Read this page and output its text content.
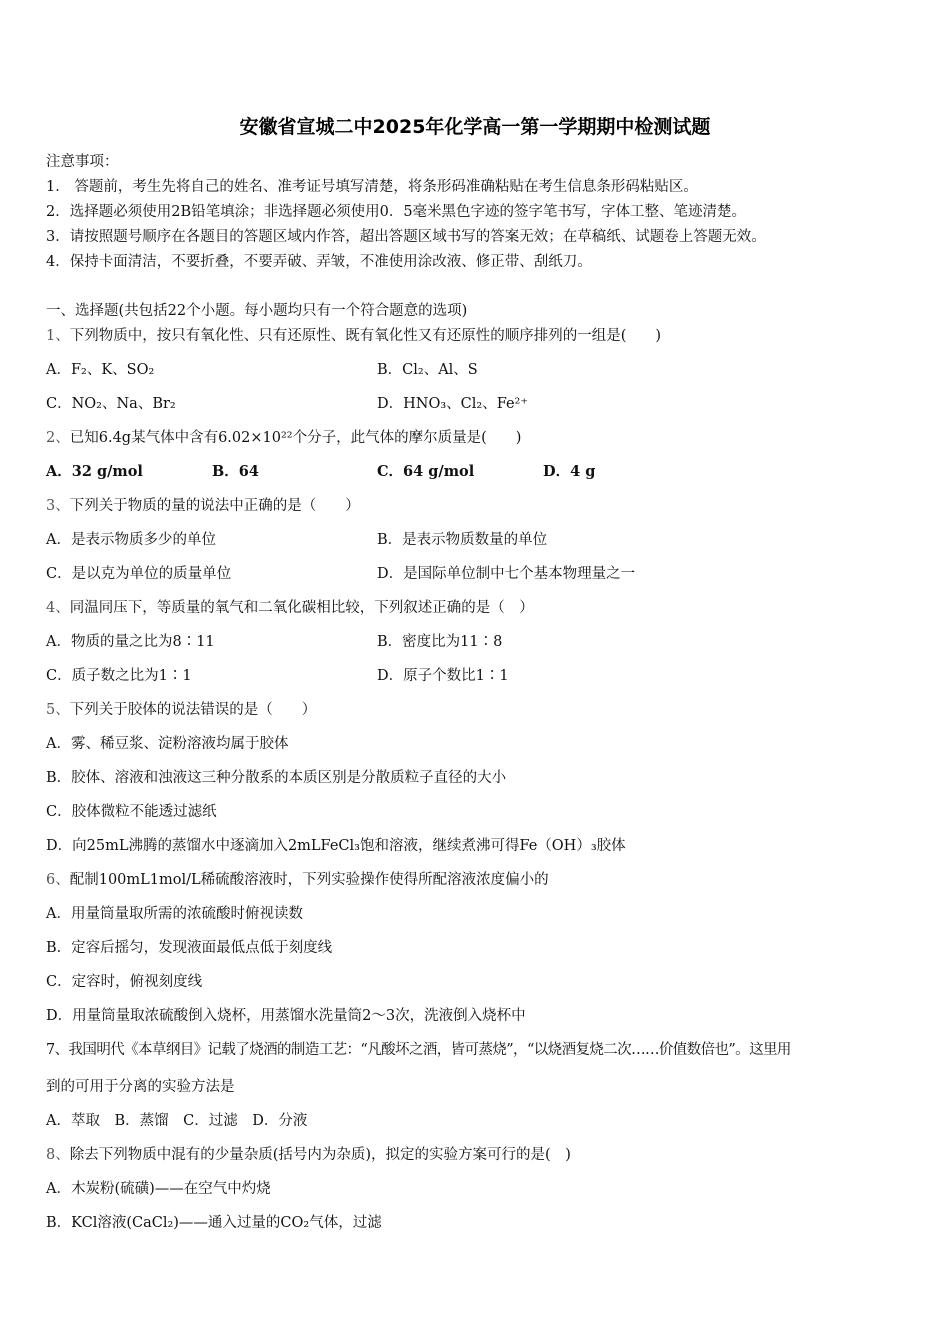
安徽省宣城二中2025年化学高一第一学期期中检测试题
注意事项：
1． 答题前，考生先将自己的姓名、准考证号填写清楚，将条形码准确粘贴在考生信息条形码粘贴区。
2．选择题必须使用2B铅笔填涂；非选择题必须使用0．5毫米黑色字迹的签字笔书写，字体工整、笔迹清楚。
3．请按照题号顺序在各题目的答题区域内作答，超出答题区域书写的答案无效；在草稿纸、试题卷上答题无效。
4．保持卡面清洁，不要折叠，不要弄破、弄皱，不准使用涂改液、修正带、刮纸刀。
一、选择题(共包括22个小题。每小题均只有一个符合题意的选项)
1、下列物质中，按只有氧化性、只有还原性、既有氧化性又有还原性的顺序排列的一组是(　　)
A．F₂、K、SO₂	B．Cl₂、Al、S
C．NO₂、Na、Br₂	D．HNO₃、Cl₂、Fe²⁺
2、已知6.4g某气体中含有6.02×10²²个分子，此气体的摩尔质量是(　　)
A．32 g/mol	B．64	C．64 g/mol	D．4 g
3、下列关于物质的量的说法中正确的是（　　）
A．是表示物质多少的单位	B．是表示物质数量的单位
C．是以克为单位的质量单位	D．是国际单位制中七个基本物理量之一
4、同温同压下，等质量的氧气和二氧化碳相比较，下列叙述正确的是（　）
A．物质的量之比为8∶11	B．密度比为11∶8
C．质子数之比为1∶1	D．原子个数比1∶1
5、下列关于胶体的说法错误的是（　　）
A．雾、稀豆浆、淀粉溶液均属于胶体
B．胶体、溶液和浊液这三种分散系的本质区别是分散质粒子直径的大小
C．胶体微粒不能透过滤纸
D．向25mL沸腾的蒸馏水中逐滴加入2mLFeCl₃饱和溶液，继续煮沸可得Fe（OH）₃胶体
6、配制100mL1mol/L稀硫酸溶液时，下列实验操作使得所配溶液浓度偏小的
A．用量筒量取所需的浓硫酸时俯视读数
B．定容后摇匀，发现液面最低点低于刻度线
C．定容时，俯视刻度线
D．用量筒量取浓硫酸倒入烧杯，用蒸馏水洗量筒2～3次，洗液倒入烧杯中
7、我国明代《本草纲目》记载了烧酒的制造工艺：“凡酸坏之酒，皆可蒸烧”，“以烧酒复烧二次……价值数倍也”。这里用
到的可用于分离的实验方法是
A．萃取　B．蒸馏　C．过滤　D．分液
8、除去下列物质中混有的少量杂质(括号内为杂质)，拟定的实验方案可行的是(　)
A．木炭粉(硫磺)——在空气中灼烧
B．KCl溶液(CaCl₂)——通入过量的CO₂气体，过滤
